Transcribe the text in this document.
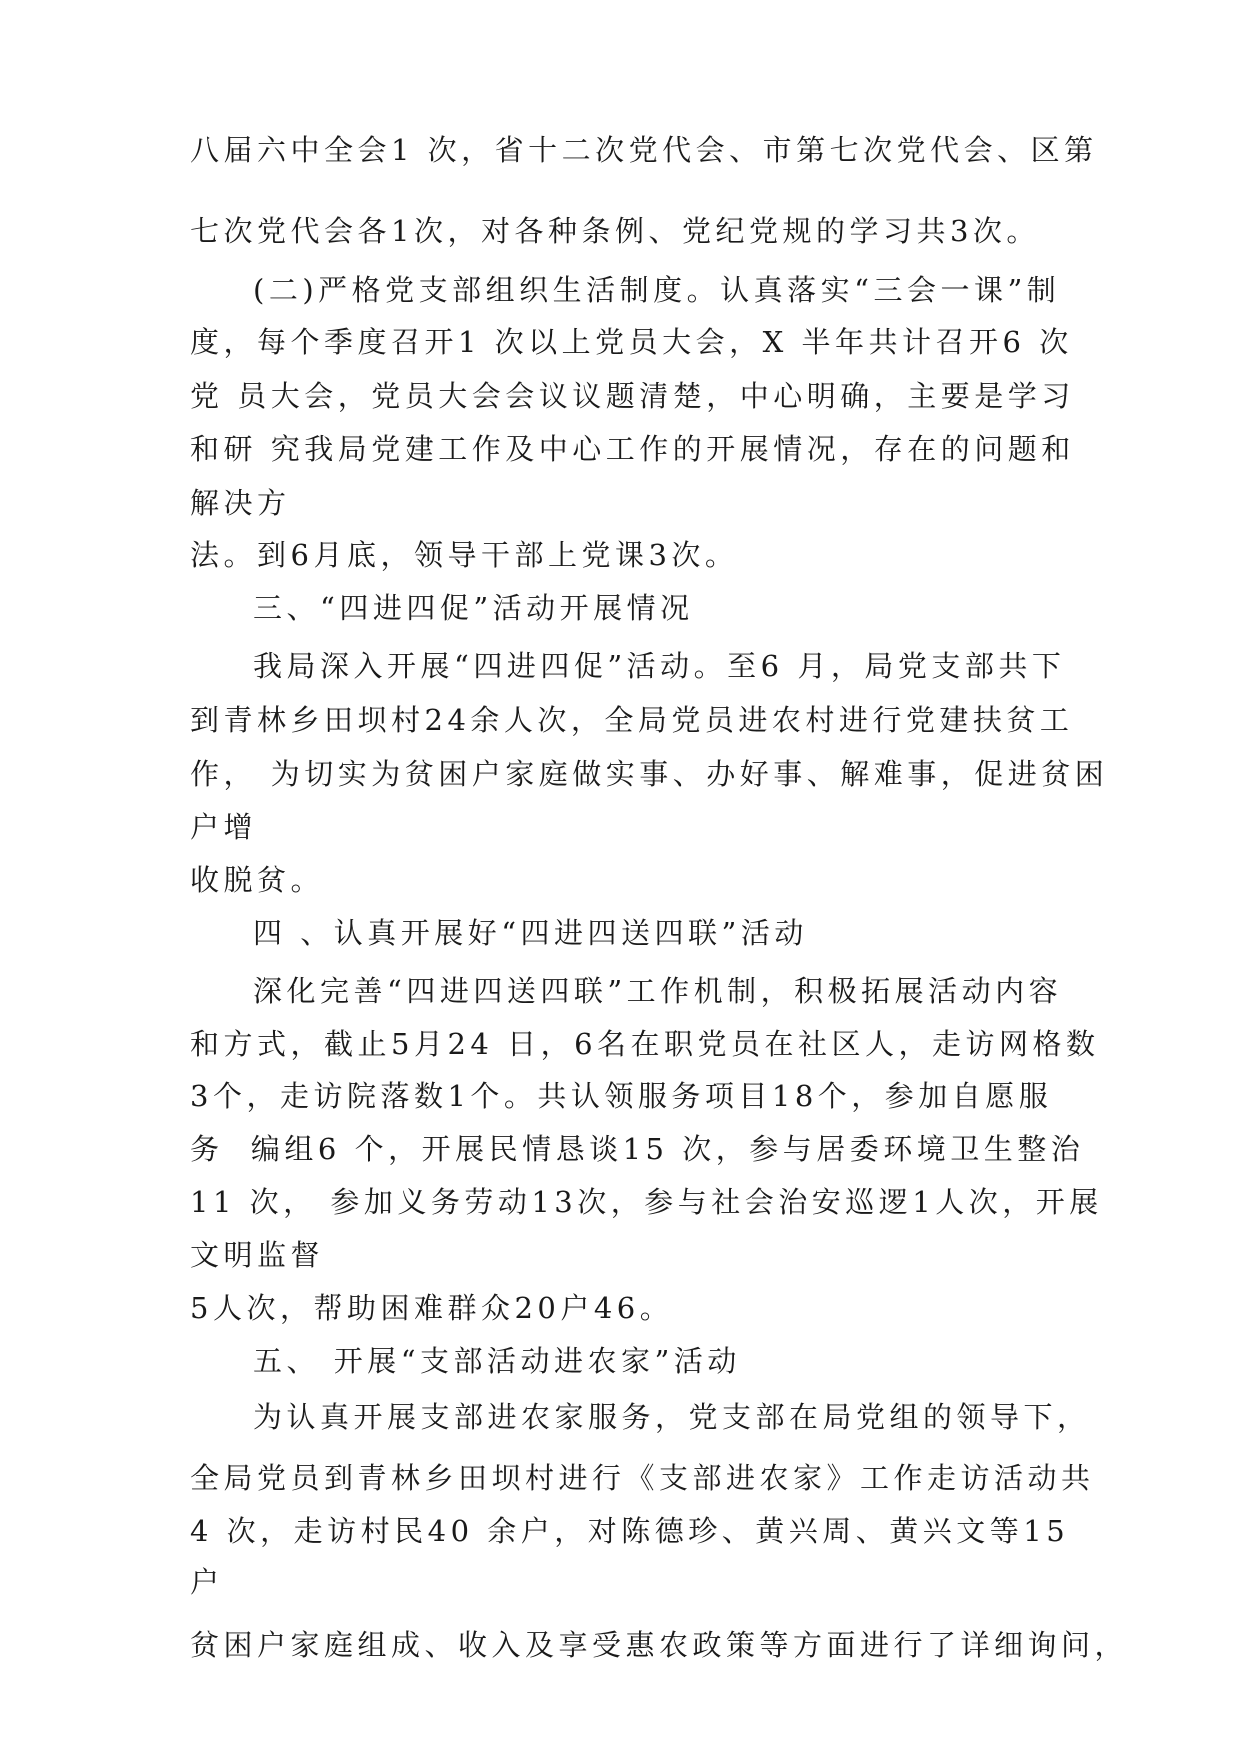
八届六中全会1 次，省十二次党代会、市第七次党代会、区第
七次党代会各1次，对各种条例、党纪党规的学习共3次。
(二)严格党支部组织生活制度。认真落实“三会一课”制
度，每个季度召开1 次以上党员大会，X 半年共计召开6 次
党 员大会，党员大会会议议题清楚，中心明确，主要是学习
和研 究我局党建工作及中心工作的开展情况，存在的问题和
解决方
法。到6月底，领导干部上党课3次。
三、“四进四促”活动开展情况
我局深入开展“四进四促”活动。至6 月，局党支部共下
到青林乡田坝村24余人次，全局党员进农村进行党建扶贫工
作， 为切实为贫困户家庭做实事、办好事、解难事，促进贫困
户增
收脱贫。
四 、认真开展好“四进四送四联”活动
深化完善“四进四送四联”工作机制，积极拓展活动内容
和方式，截止5月24 日，6名在职党员在社区人，走访网格数
3个，走访院落数1个。共认领服务项目18个，参加自愿服
务  编组6 个，开展民情恳谈15 次，参与居委环境卫生整治
11 次， 参加义务劳动13次，参与社会治安巡逻1人次，开展
文明监督
5人次，帮助困难群众20户46。
五、 开展“支部活动进农家”活动
为认真开展支部进农家服务，党支部在局党组的领导下，
全局党员到青林乡田坝村进行《支部进农家》工作走访活动共
4 次，走访村民40 余户，对陈德珍、黄兴周、黄兴文等15
户
贫困户家庭组成、收入及享受惠农政策等方面进行了详细询问，
